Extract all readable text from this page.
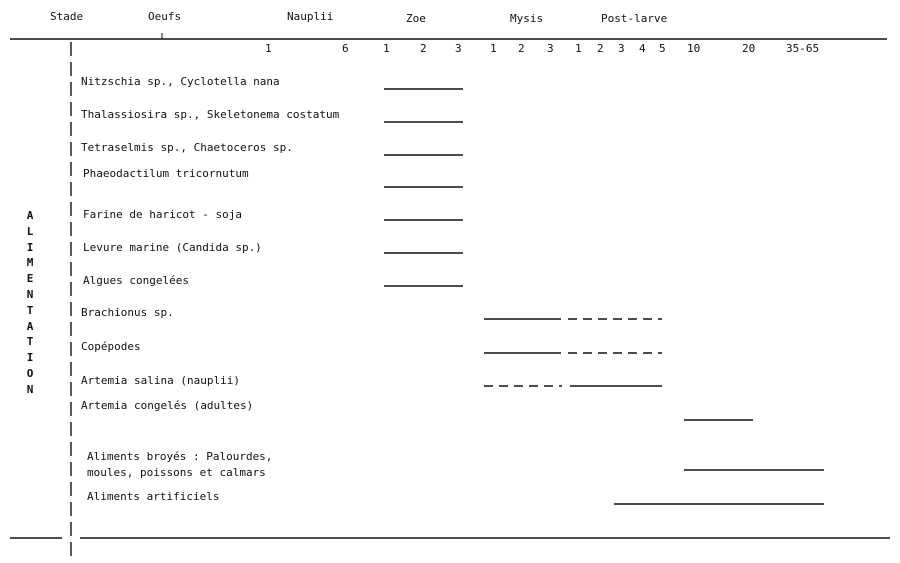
Stade	Oeufs	Nauplii	Zoe	Mysis	Post-larve
1	6	1	2	3	1 2 3 1 2 3 4 5 10	20	35-65
A
L
I
M
E
N
T
A
T
I
O
N
Nitzschia sp., Cyclotella nana
Thalassiosira sp., Skeletonema costatum
Tetraselmis sp., Chaetoceros sp.
Phaeodactilum tricornutum
Farine de haricot - soja
Levure marine (Candida sp.)
Algues congelées
Brachionus sp.
Copépodes
Artemia salina (nauplii)
Artemia congelés (adultes)
Aliments broyés : Palourdes,
moules, poissons et calmars
Aliments artificiels
